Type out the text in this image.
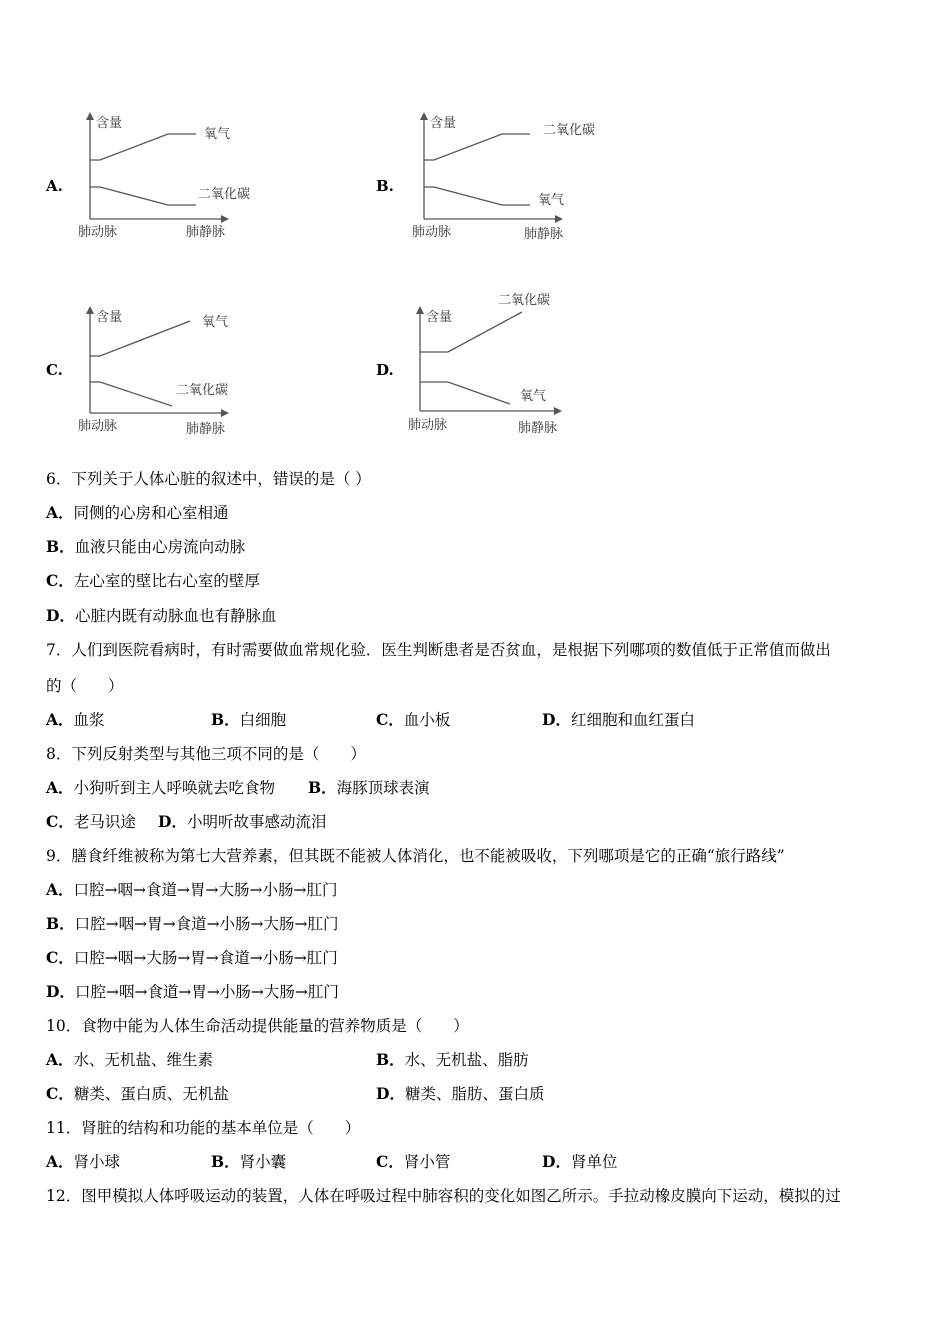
A.
含量
氧气
二氧化碳
肺动脉	肺静脉
B.
含量	二氧化碳
氧气
肺动脉	肺静脉
C.
含量	氧气
二氧化碳
肺动脉	肺静脉
D.
含量
二氧化碳
氧气
肺动脉	肺静脉
6．下列关于人体心脏的叙述中，错误的是（ ）
A．同侧的心房和心室相通
B．血液只能由心房流向动脉
C．左心室的壁比右心室的壁厚
D．心脏内既有动脉血也有静脉血
7．人们到医院看病时，有时需要做血常规化验．医生判断患者是否贫血，是根据下列哪项的数值低于正常值而做出
的（　　）
A．血浆	B．白细胞	C．血小板	D．红细胞和血红蛋白
8．下列反射类型与其他三项不同的是（　　）
A．小狗听到主人呼唤就去吃食物 B．海豚顶球表演
C．老马识途 D．小明听故事感动流泪
9．膳食纤维被称为第七大营养素，但其既不能被人体消化，也不能被吸收，下列哪项是它的正确“旅行路线”
A．口腔→咽→食道→胃→大肠→小肠→肛门
B．口腔→咽→胃→食道→小肠→大肠→肛门
C．口腔→咽→大肠→胃→食道→小肠→肛门
D．口腔→咽→食道→胃→小肠→大肠→肛门
10．食物中能为人体生命活动提供能量的营养物质是（　　）
A．水、无机盐、维生素	B．水、无机盐、脂肪
C．糖类、蛋白质、无机盐	D．糖类、脂肪、蛋白质
11．肾脏的结构和功能的基本单位是（　　）
A．肾小球	B．肾小囊	C．肾小管	D．肾单位
12．图甲模拟人体呼吸运动的装置，人体在呼吸过程中肺容积的变化如图乙所示。手拉动橡皮膜向下运动，模拟的过
